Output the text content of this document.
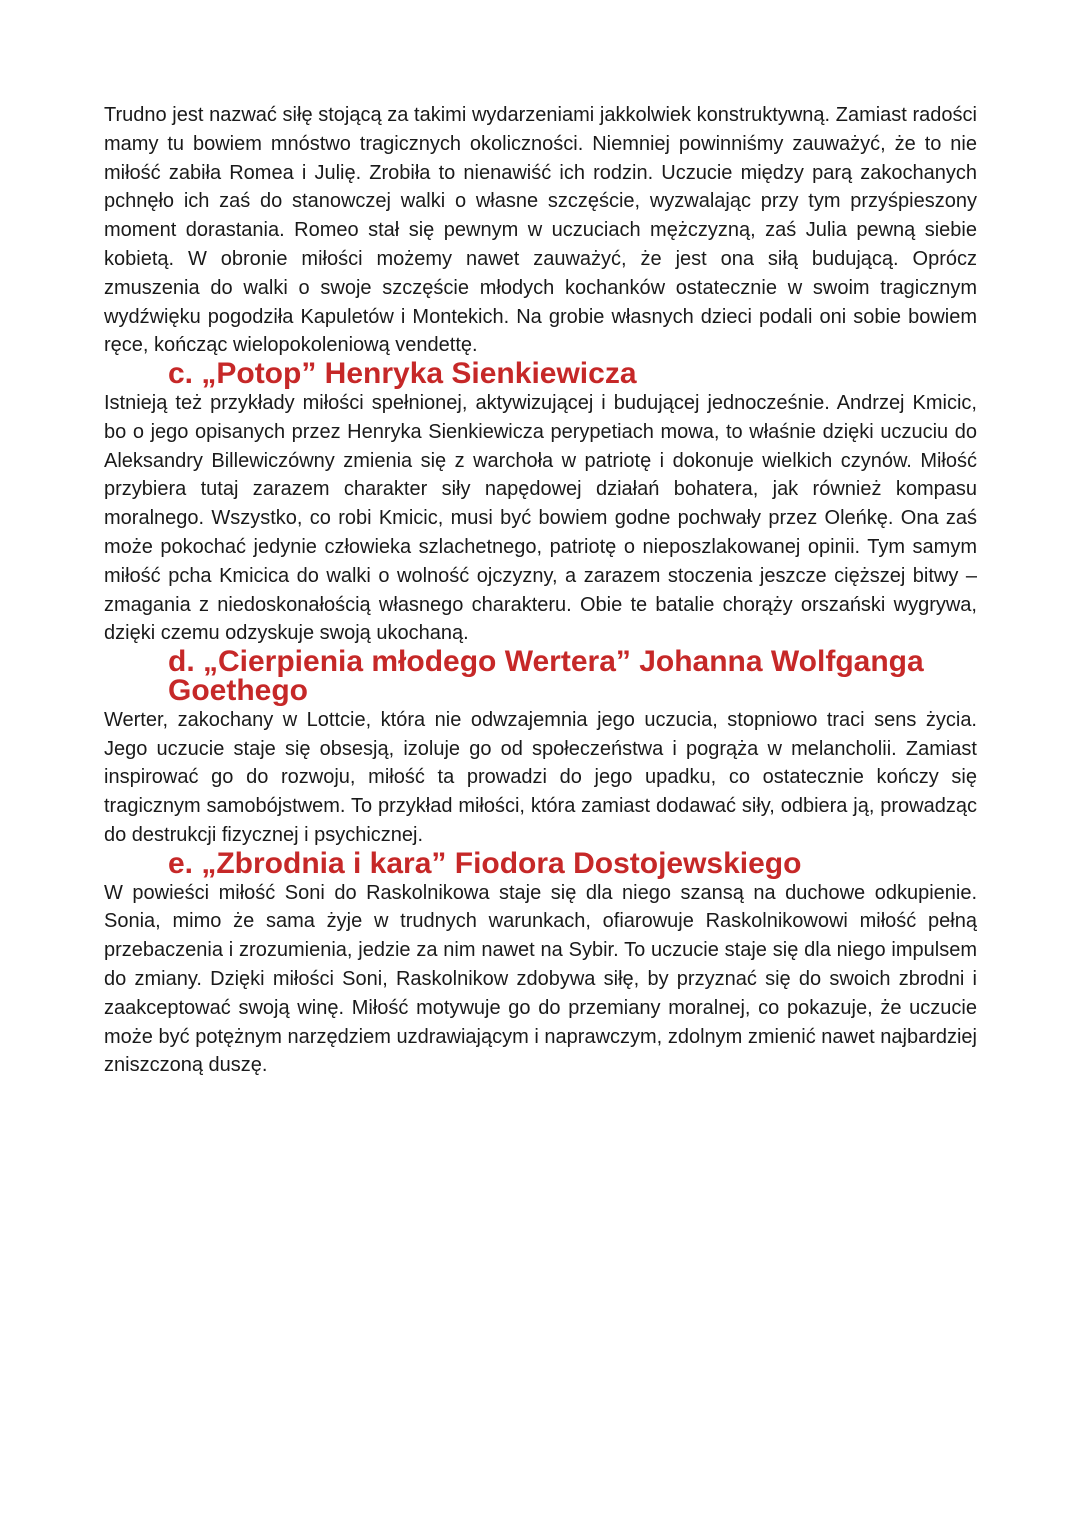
Trudno jest nazwać siłę stojącą za takimi wydarzeniami jakkolwiek konstruktywną. Zamiast radości mamy tu bowiem mnóstwo tragicznych okoliczności. Niemniej powinniśmy zauważyć, że to nie miłość zabiła Romea i Julię. Zrobiła to nienawiść ich rodzin. Uczucie między parą zakochanych pchnęło ich zaś do stanowczej walki o własne szczęście, wyzwalając przy tym przyśpieszony moment dorastania. Romeo stał się pewnym w uczuciach mężczyzną, zaś Julia pewną siebie kobietą. W obronie miłości możemy nawet zauważyć, że jest ona siłą budującą. Oprócz zmuszenia do walki o swoje szczęście młodych kochanków ostatecznie w swoim tragicznym wydźwięku pogodziła Kapuletów i Montekich. Na grobie własnych dzieci podali oni sobie bowiem ręce, kończąc wielopokoleniową vendettę.

c. „Potop” Henryka Sienkiewicza

Istnieją też przykłady miłości spełnionej, aktywizującej i budującej jednocześnie. Andrzej Kmicic, bo o jego opisanych przez Henryka Sienkiewicza perypetiach mowa, to właśnie dzięki uczuciu do Aleksandry Billewiczówny zmienia się z warchoła w patriotę i dokonuje wielkich czynów. Miłość przybiera tutaj zarazem charakter siły napędowej działań bohatera, jak również kompasu moralnego. Wszystko, co robi Kmicic, musi być bowiem godne pochwały przez Oleńkę. Ona zaś może pokochać jedynie człowieka szlachetnego, patriotę o nieposzlakowanej opinii. Tym samym miłość pcha Kmicica do walki o wolność ojczyzny, a zarazem stoczenia jeszcze cięższej bitwy – zmagania z niedoskonałością własnego charakteru. Obie te batalie chorąży orszański wygrywa, dzięki czemu odzyskuje swoją ukochaną.

d. „Cierpienia młodego Wertera” Johanna Wolfganga Goethego

Werter, zakochany w Lottcie, która nie odwzajemnia jego uczucia, stopniowo traci sens życia. Jego uczucie staje się obsesją, izoluje go od społeczeństwa i pogrąża w melancholii. Zamiast inspirować go do rozwoju, miłość ta prowadzi do jego upadku, co ostatecznie kończy się tragicznym samobójstwem. To przykład miłości, która zamiast dodawać siły, odbiera ją, prowadząc do destrukcji fizycznej i psychicznej.

e. „Zbrodnia i kara” Fiodora Dostojewskiego

W powieści miłość Soni do Raskolnikowa staje się dla niego szansą na duchowe odkupienie. Sonia, mimo że sama żyje w trudnych warunkach, ofiarowuje Raskolnikowowi miłość pełną przebaczenia i zrozumienia, jedzie za nim nawet na Sybir. To uczucie staje się dla niego impulsem do zmiany. Dzięki miłości Soni, Raskolnikow zdobywa siłę, by przyznać się do swoich zbrodni i zaakceptować swoją winę. Miłość motywuje go do przemiany moralnej, co pokazuje, że uczucie może być potężnym narzędziem uzdrawiającym i naprawczym, zdolnym zmienić nawet najbardziej zniszczoną duszę.
